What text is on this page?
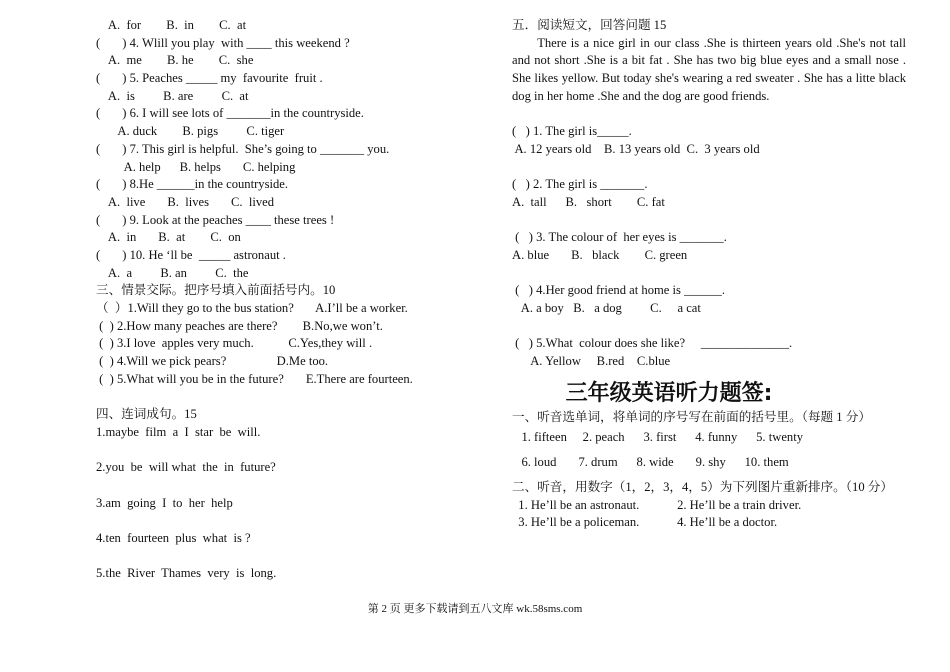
A.  for        B.  in        C.  at
(       ) 4. Wlill you play  with ____ this weekend ?
A.  me        B. he        C.  she
(       ) 5. Peaches _____ my  favourite  fruit .
A.  is         B. are         C.  at
(       ) 6. I will see lots of _______in the countryside.
A. duck        B. pigs         C. tiger
(       ) 7. This girl is helpful.  She’s going to _______ you.
A. help      B. helps       C. helping
(       ) 8.He ______in the countryside.
A.  live       B.  lives       C.  lived
(       ) 9. Look at the peaches ____ these trees !
A.  in       B.  at        C.  on
(       ) 10. He ‘ll be  _____ astronaut .
A.  a         B. an         C.  the
三、情景交际。把序号填入前面括号内。10
（  ）1.Will they go to the bus station?       A.I’ll be a worker.
(  ) 2.How many peaches are there?        B.No,we won’t.
(  ) 3.I love  apples very much.           C.Yes,they will .
(  ) 4.Will we pick pears?                D.Me too.
(  ) 5.What will you be in the future?       E.There are fourteen.
四、连词成句。15
1.maybe  film  a  I  star  be  will.
2.you  be  will what  the  in  future?
3.am  going  I  to  her  help
4.ten  fourteen  plus  what  is ?
5.the  River  Thames  very  is  long.
五．阅读短文，回答问题 15

There is a nice girl in our class .She is thirteen years old .She's not tall and not short .She is a bit fat . She has two big blue eyes and a small nose . She likes yellow. But today she's wearing a red sweater . She has a litte black dog in her home .She and the dog are good friends.

(   ) 1. The girl is_____.
A. 12 years old    B. 13 years old  C.  3 years old
(   ) 2. The girl is _______.
A.  tall      B.   short        C. fat
(   ) 3. The colour of  her eyes is _______.
A. blue       B.   black        C. green
(   ) 4.Her good friend at home is ______.
A. a boy   B.   a dog         C.     a cat
(   ) 5.What  colour does she like?     ______________.
A. Yellow     B.red    C.blue
三年级英语听力题签:
一、听音选单词，将单词的序号写在前面的括号里。（每题 1 分）
1. fifteen     2. peach      3. first      4. funny      5. twenty
6. loud       7. drum      8. wide       9. shy      10. them
二、听音，用数字（1，2，3，4，5）为下列图片重新排序。（10 分）
1. He’ll be an astronaut.            2. He’ll be a train driver.
3. He’ll be a policeman.            4. He’ll be a doctor.
第 2 页 更多下载请到五八文库 wk.58sms.com
